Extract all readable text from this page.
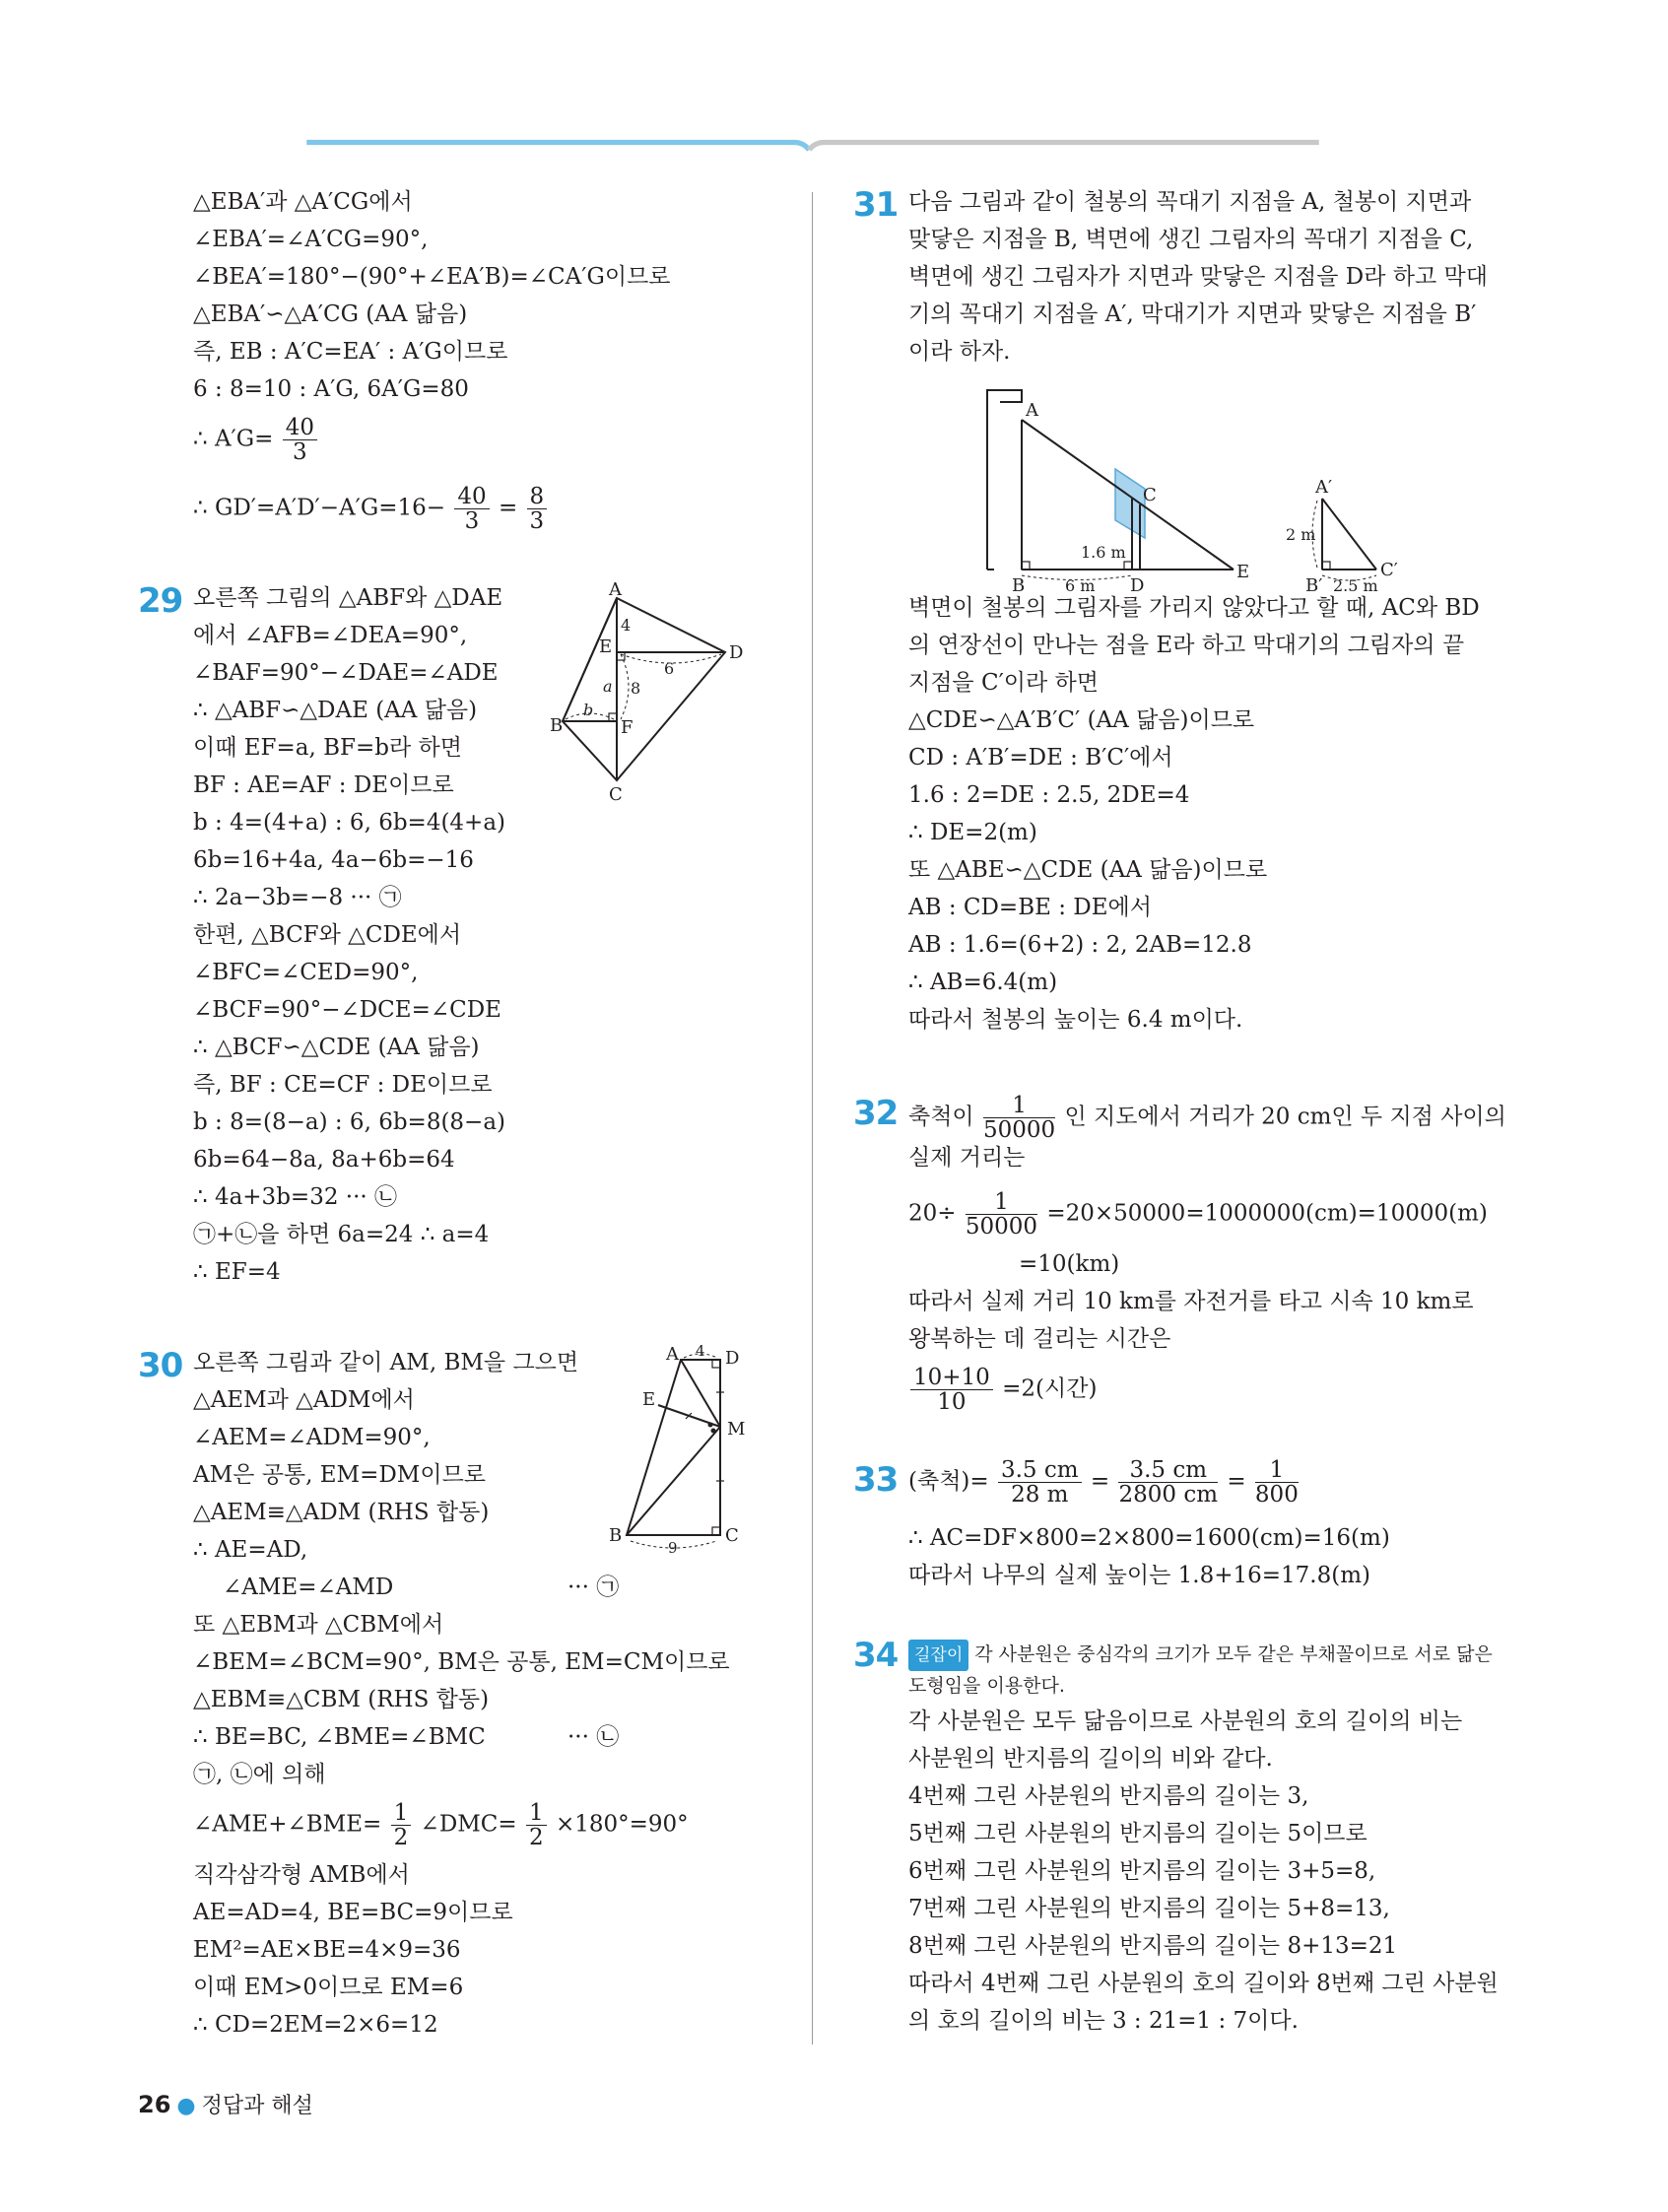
△EBA′과 △A′CG에서
∠EBA′=∠A′CG=90°,
∠BEA′=180°−(90°+∠EA′B)=∠CA′G이므로
△EBA′∽△A′CG (AA 닮음)
즉, EB : A′C=EA′ : A′G이므로
6 : 8=10 : A′G, 6A′G=80
∴ $A'G= \frac{40}{3}$
∴ $GD'=A'D'-A'G=16- \frac{40}{3} = \frac{8}{3}$
29 오른쪽 그림의 △ABF와 △DAE
에서 ∠AFB=∠DEA=90°,
∠BAF=90°−∠DAE=∠ADE
∴ △ABF∽△DAE (AA 닮음)
이때 EF=a, BF=b라 하면
BF : AE=AF : DE이므로
b : 4=(4+a) : 6, 6b=4(4+a)
6b=16+4a, 4a−6b=−16
∴ 2a−3b=−8 ··· ㉠
한편, △BCF와 △CDE에서
∠BFC=∠CED=90°,
∠BCF=90°−∠DCE=∠CDE
∴ △BCF∽△CDE (AA 닮음)
즉, BF : CE=CF : DE이므로
b : 8=(8−a) : 6, 6b=8(8−a)
6b=64−8a, 8a+6b=64
∴ 4a+3b=32 ··· ㉡
㉠+㉡을 하면 6a=24 ∴ a=4
∴ EF=4
A
B
C
D
E
F
4
6
8
a
b
30 오른쪽 그림과 같이 AM, BM을 그으면
△AEM과 △ADM에서
∠AEM=∠ADM=90°,
AM은 공통, EM=DM이므로
△AEM≡△ADM (RHS 합동)
∴ AE=AD,
∠AME=∠AMD	··· ㉠
또 △EBM과 △CBM에서
∠BEM=∠BCM=90°, BM은 공통, EM=CM이므로
△EBM≡△CBM (RHS 합동)
∴ BE=BC, ∠BME=∠BMC	··· ㉡
㉠, ㉡에 의해
∠AME+∠BME= $\frac{1}{2}$ ∠DMC= $\frac{1}{2} \times 180^\circ=90^\circ$
직각삼각형 AMB에서
AE=AD=4, BE=BC=9이므로
EM²=AE×BE=4×9=36
이때 EM>0이므로 EM=6
∴ CD=2EM=2×6=12
A
B	C
D
E
M
4
9
31 다음 그림과 같이 철봉의 꼭대기 지점을 A, 철봉이 지면과
맞닿은 지점을 B, 벽면에 생긴 그림자의 꼭대기 지점을 C,
벽면에 생긴 그림자가 지면과 맞닿은 지점을 D라 하고 막대
기의 꼭대기 지점을 A′, 막대기가 지면과 맞닿은 지점을 B′
이라 하자.
A
B
C
D
E
1.6 m
6 m
A′
B′
C′
2 m
2.5 m
벽면이 철봉의 그림자를 가리지 않았다고 할 때, AC와 BD
의 연장선이 만나는 점을 E라 하고 막대기의 그림자의 끝
지점을 C′이라 하면
△CDE∽△A′B′C′ (AA 닮음)이므로
CD : A′B′=DE : B′C′에서
1.6 : 2=DE : 2.5, 2DE=4
∴ DE=2(m)
또 △ABE∽△CDE (AA 닮음)이므로
AB : CD=BE : DE에서
AB : 1.6=(6+2) : 2, 2AB=12.8
∴ AB=6.4(m)
따라서 철봉의 높이는 6.4 m이다.
32 축척이 $\frac{1}{50000}$ 인 지도에서 거리가 20 cm인 두 지점 사이의
실제 거리는
$20\div \frac{1}{50000} =20\times 50000=1000000(cm)=10000(m)$
=10(km)
따라서 실제 거리 10 km를 자전거를 타고 시속 10 km로
왕복하는 데 걸리는 시간은
$\frac{10+10}{10} =2$(시간)
33 (축척)= $\frac{3.5 cm}{28 m} = \frac{3.5 cm}{2800 cm} = \frac{1}{800}$
∴ AC=DF×800=2×800=1600(cm)=16(m)
따라서 나무의 실제 높이는 1.8+16=17.8(m)
34 길잡이 각 사분원은 중심각의 크기가 모두 같은 부채꼴이므로 서로 닮은
도형임을 이용한다.
각 사분원은 모두 닮음이므로 사분원의 호의 길이의 비는
사분원의 반지름의 길이의 비와 같다.
4번째 그린 사분원의 반지름의 길이는 3,
5번째 그린 사분원의 반지름의 길이는 5이므로
6번째 그린 사분원의 반지름의 길이는 3+5=8,
7번째 그린 사분원의 반지름의 길이는 5+8=13,
8번째 그린 사분원의 반지름의 길이는 8+13=21
따라서 4번째 그린 사분원의 호의 길이와 8번째 그린 사분원
의 호의 길이의 비는 3 : 21=1 : 7이다.
26 ● 정답과 해설
